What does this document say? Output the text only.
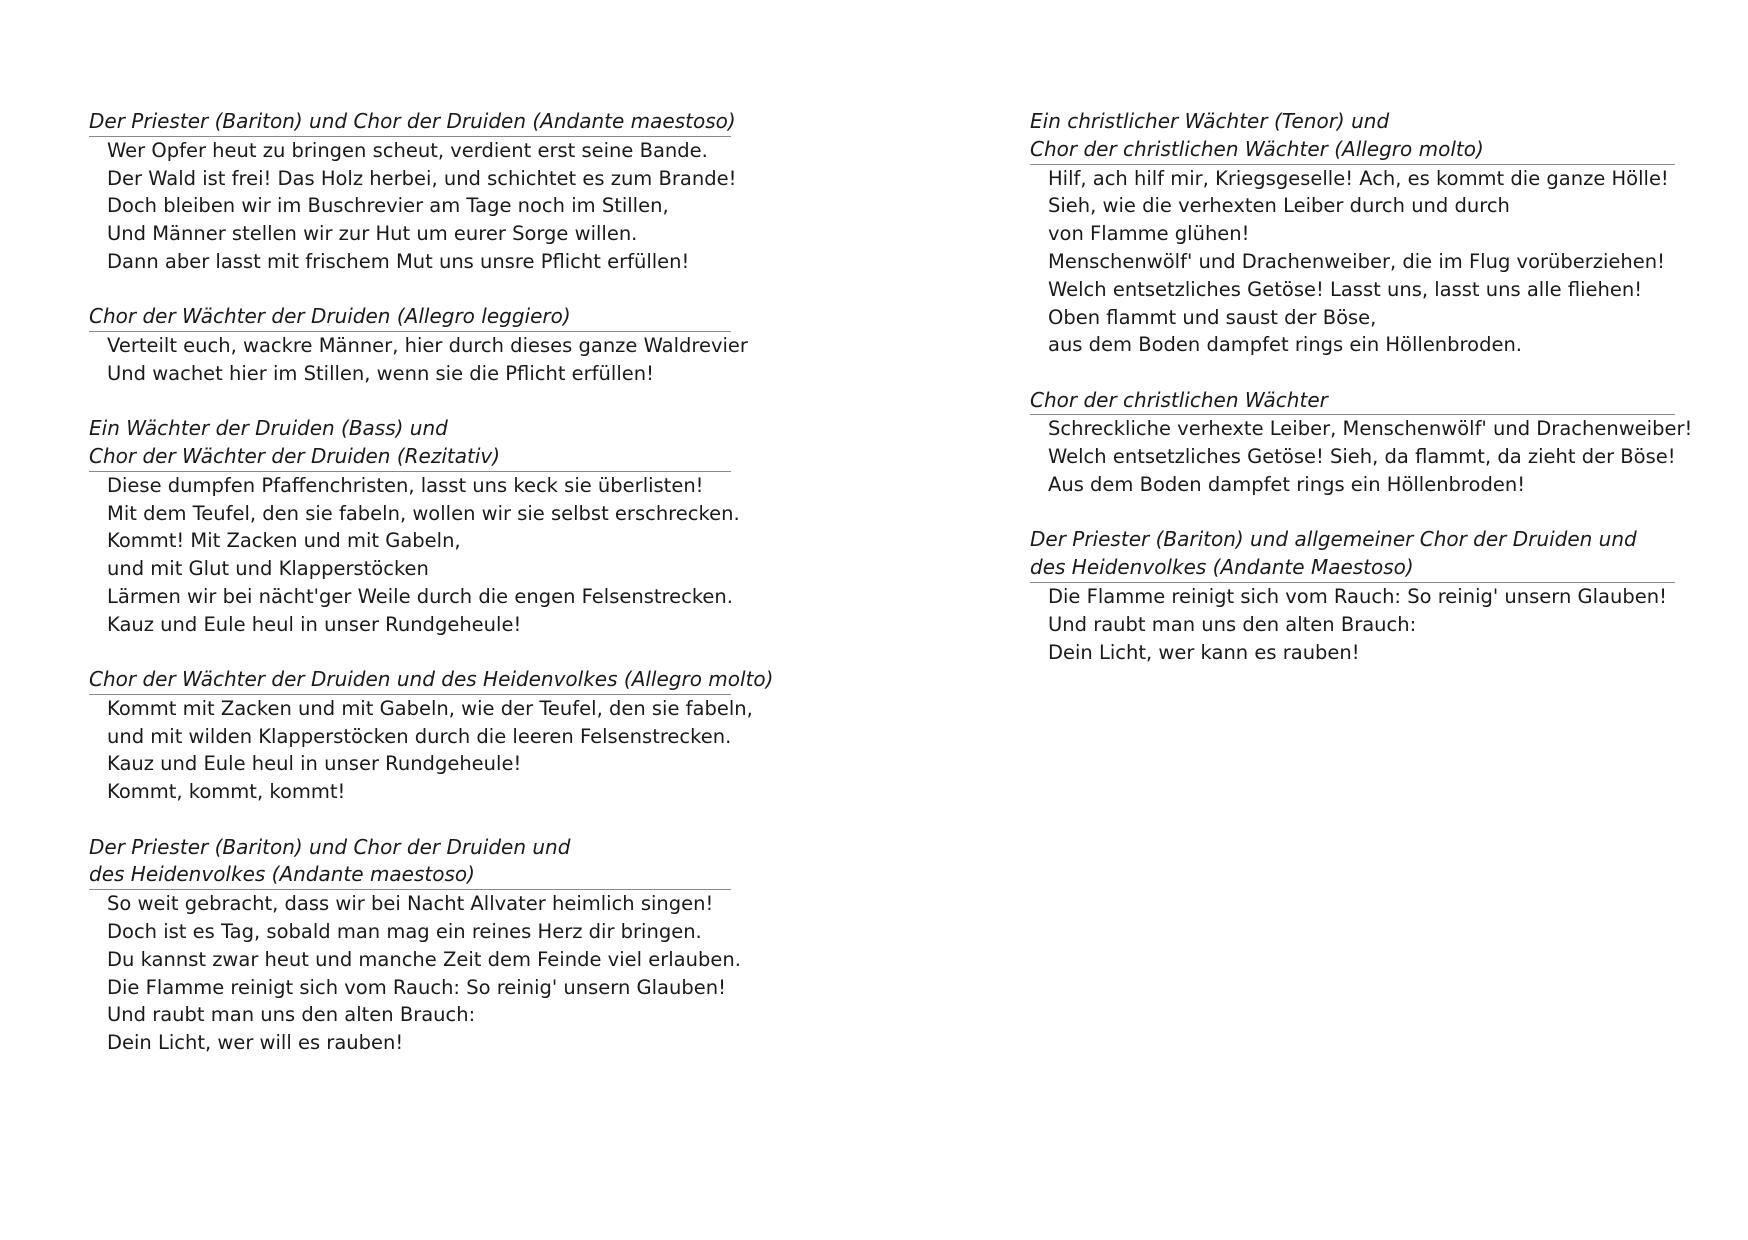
Der Priester (Bariton) und Chor der Druiden (Andante maestoso)
Wer Opfer heut zu bringen scheut, verdient erst seine Bande.
Der Wald ist frei! Das Holz herbei, und schichtet es zum Brande!
Doch bleiben wir im Buschrevier am Tage noch im Stillen,
Und Männer stellen wir zur Hut um eurer Sorge willen.
Dann aber lasst mit frischem Mut uns unsre Pflicht erfüllen!
Chor der Wächter der Druiden (Allegro leggiero)
Verteilt euch, wackre Männer, hier durch dieses ganze Waldrevier
Und wachet hier im Stillen, wenn sie die Pflicht erfüllen!
Ein Wächter der Druiden (Bass) und
Chor der Wächter der Druiden (Rezitativ)
Diese dumpfen Pfaffenchristen, lasst uns keck sie überlisten!
Mit dem Teufel, den sie fabeln, wollen wir sie selbst erschrecken.
Kommt! Mit Zacken und mit Gabeln,
und mit Glut und Klapperstöcken
Lärmen wir bei nächt'ger Weile durch die engen Felsenstrecken.
Kauz und Eule heul in unser Rundgeheule!
Chor der Wächter der Druiden und des Heidenvolkes (Allegro molto)
Kommt mit Zacken und mit Gabeln, wie der Teufel, den sie fabeln,
und mit wilden Klapperstöcken durch die leeren Felsenstrecken.
Kauz und Eule heul in unser Rundgeheule!
Kommt, kommt, kommt!
Der Priester (Bariton) und Chor der Druiden und
des Heidenvolkes (Andante maestoso)
So weit gebracht, dass wir bei Nacht Allvater heimlich singen!
Doch ist es Tag, sobald man mag ein reines Herz dir bringen.
Du kannst zwar heut und manche Zeit dem Feinde viel erlauben.
Die Flamme reinigt sich vom Rauch: So reinig' unsern Glauben!
Und raubt man uns den alten Brauch:
Dein Licht, wer will es rauben!
Ein christlicher Wächter (Tenor) und
Chor der christlichen Wächter (Allegro molto)
Hilf, ach hilf mir, Kriegsgeselle! Ach, es kommt die ganze Hölle!
Sieh, wie die verhexten Leiber durch und durch
von Flamme glühen!
Menschenwölf' und Drachenweiber, die im Flug vorüberziehen!
Welch entsetzliches Getöse! Lasst uns, lasst uns alle fliehen!
Oben flammt und saust der Böse,
aus dem Boden dampfet rings ein Höllenbroden.
Chor der christlichen Wächter
Schreckliche verhexte Leiber, Menschenwölf' und Drachenweiber!
Welch entsetzliches Getöse! Sieh, da flammt, da zieht der Böse!
Aus dem Boden dampfet rings ein Höllenbroden!
Der Priester (Bariton) und allgemeiner Chor der Druiden und
des Heidenvolkes (Andante Maestoso)
Die Flamme reinigt sich vom Rauch: So reinig' unsern Glauben!
Und raubt man uns den alten Brauch:
Dein Licht, wer kann es rauben!
